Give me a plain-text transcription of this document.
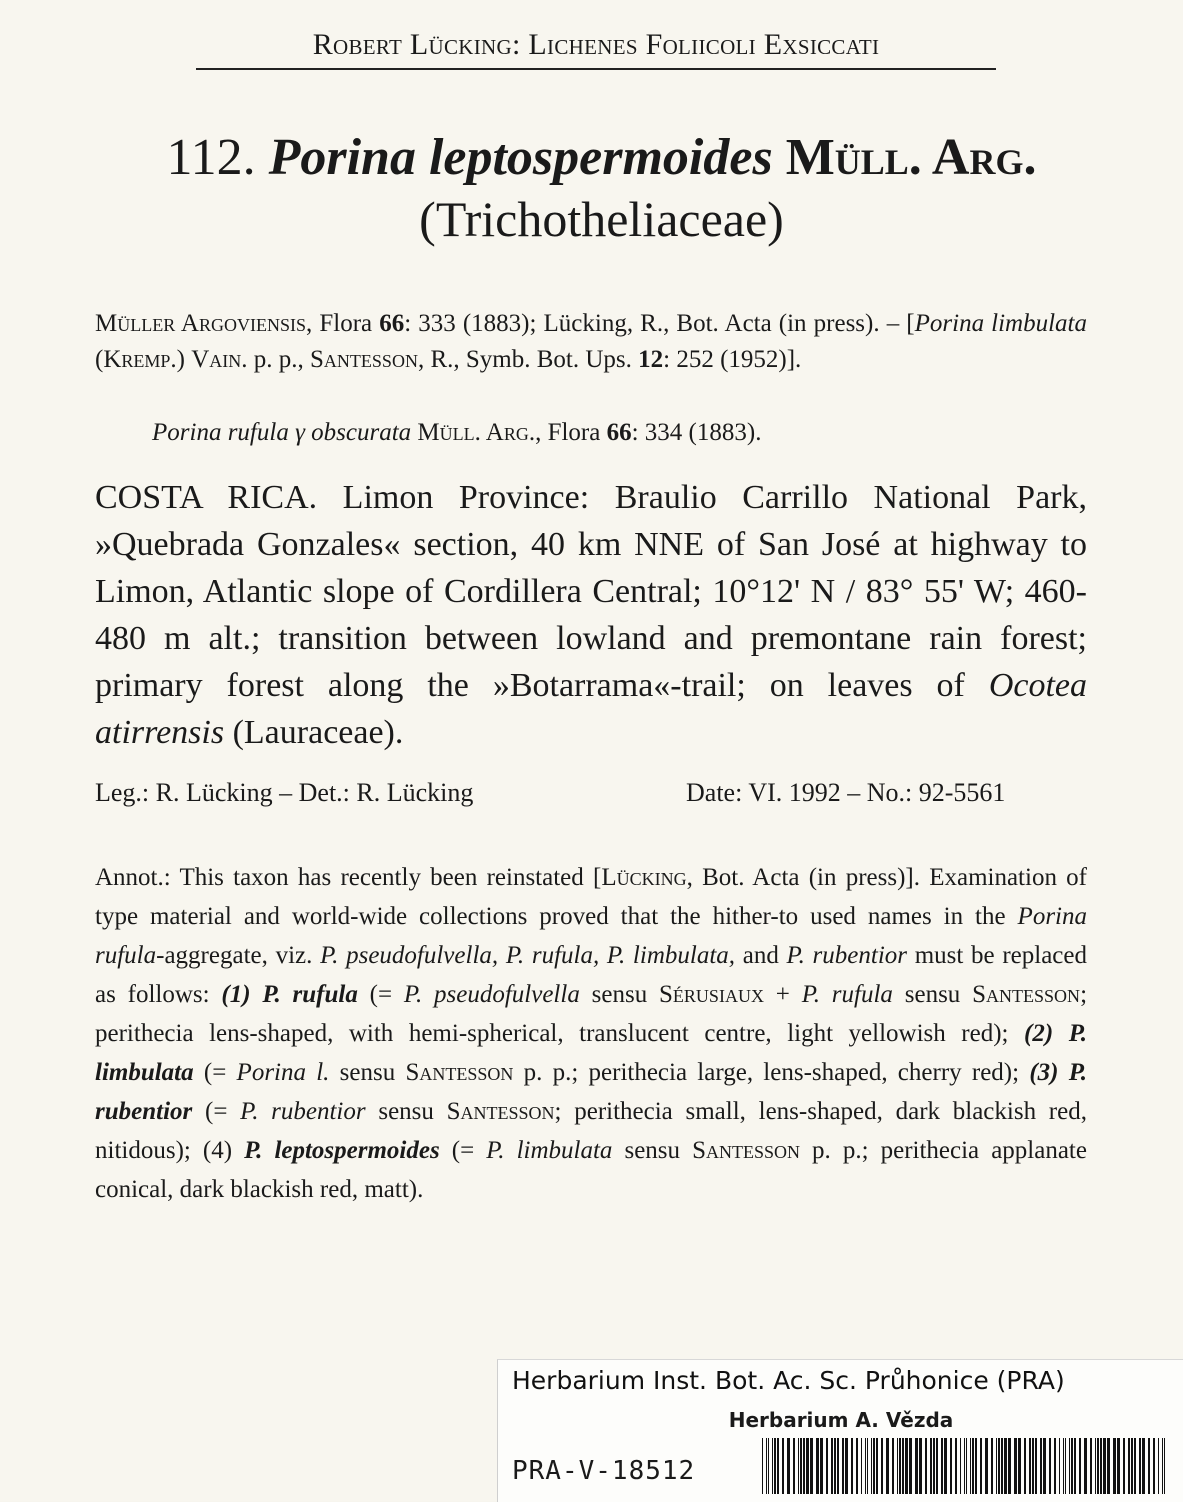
Robert Lücking: Lichenes Foliicoli Exsiccati
112. Porina leptospermoides Müll. Arg.
(Trichotheliaceae)
Müller Argoviensis, Flora 66: 333 (1883); Lücking, R., Bot. Acta (in press). – [Porina limbulata (Kremp.) Vain. p. p., Santesson, R., Symb. Bot. Ups. 12: 252 (1952)].
Porina rufula γ obscurata Müll. Arg., Flora 66: 334 (1883).
COSTA RICA. Limon Province: Braulio Carrillo National Park, »Quebrada Gonzales« section, 40 km NNE of San José at highway to Limon, Atlantic slope of Cordillera Central; 10°12' N / 83° 55' W; 460-480 m alt.; transition between lowland and premontane rain forest; primary forest along the »Botarrama«-trail; on leaves of Ocotea atirrensis (Lauraceae).
Leg.: R. Lücking – Det.: R. Lücking	Date: VI. 1992 – No.: 92-5561
Annot.: This taxon has recently been reinstated [Lücking, Bot. Acta (in press)]. Examination of type material and world-wide collections proved that the hither-to used names in the Porina rufula-aggregate, viz. P. pseudofulvella, P. rufula, P. limbulata, and P. rubentior must be replaced as follows: (1) P. rufula (= P. pseudofulvella sensu Sérusiaux + P. rufula sensu Santesson; perithecia lens-shaped, with hemi-spherical, translucent centre, light yellowish red); (2) P. limbulata (= Porina l. sensu Santesson p. p.; perithecia large, lens-shaped, cherry red); (3) P. rubentior (= P. rubentior sensu Santesson; perithecia small, lens-shaped, dark blackish red, nitidous); (4) P. leptospermoides (= P. limbulata sensu Santesson p. p.; perithecia applanate conical, dark blackish red, matt).
Herbarium Inst. Bot. Ac. Sc. Průhonice (PRA)
Herbarium A. Vězda
PRA-V-18512
